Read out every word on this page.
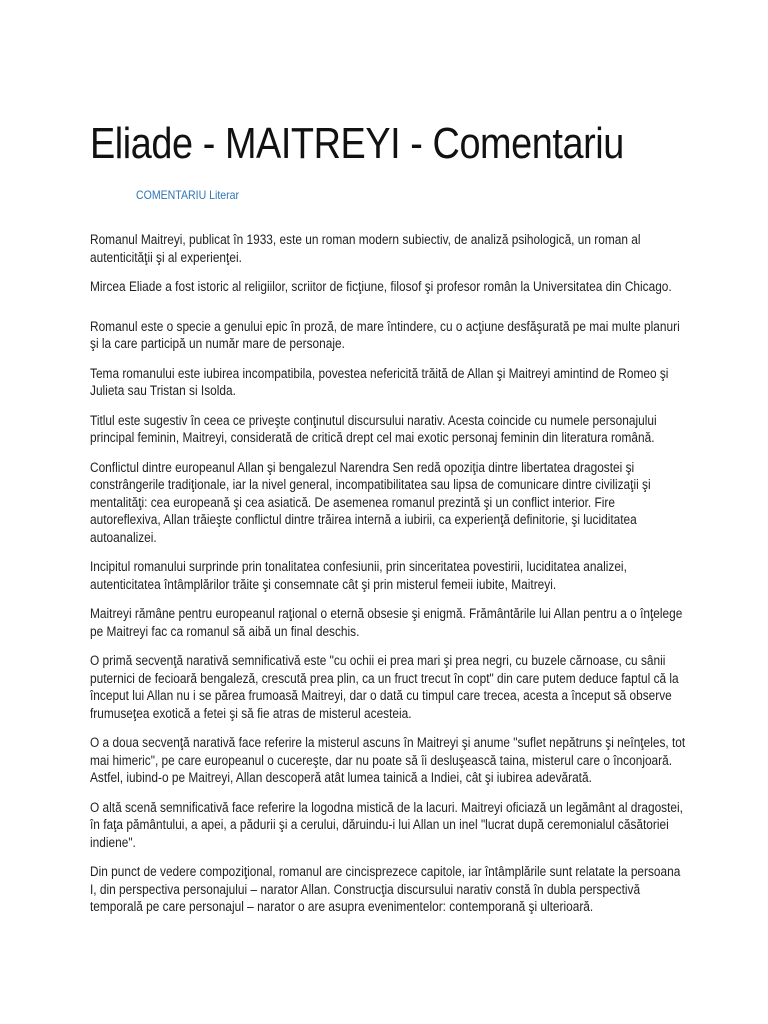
Eliade - MAITREYI - Comentariu
COMENTARIU Literar

Romanul Maitreyi, publicat în 1933, este un roman modern subiectiv, de analiză psihologică, un roman al autenticităţii şi al experienţei.

Mircea Eliade a fost istoric al religiilor, scriitor de ficţiune, filosof şi profesor român la Universitatea din Chicago.

Romanul este o specie a genului epic în proză, de mare întindere, cu o acţiune desfăşurată pe mai multe planuri şi la care participă un număr mare de personaje.

Tema romanului este iubirea incompatibila, povestea nefericită trăită de Allan şi Maitreyi amintind de Romeo şi Julieta sau Tristan si Isolda.

Titlul este sugestiv în ceea ce priveşte conţinutul discursului narativ. Acesta coincide cu numele personajului principal feminin, Maitreyi, considerată de critică drept cel mai exotic personaj feminin din literatura română.

Conflictul dintre europeanul Allan şi bengalezul Narendra Sen redă opoziţia dintre libertatea dragostei şi constrângerile tradiţionale, iar la nivel general, incompatibilitatea sau lipsa de comunicare dintre civilizaţii şi mentalităţi: cea europeană şi cea asiatică. De asemenea romanul prezintă şi un conflict interior. Fire autoreflexiva, Allan trăieşte conflictul dintre trăirea internă a iubirii, ca experienţă definitorie, şi luciditatea autoanalizei.

Incipitul romanului surprinde prin tonalitatea confesiunii, prin sinceritatea povestirii, luciditatea analizei, autenticitatea întâmplărilor trăite şi consemnate cât şi prin misterul femeii iubite, Maitreyi.

Maitreyi rămâne pentru europeanul raţional o eternă obsesie şi enigmă. Frământările lui Allan pentru a o înţelege pe Maitreyi fac ca romanul să aibă un final deschis.

O primă secvenţă narativă semnificativă este "cu ochii ei prea mari şi prea negri, cu buzele cărnoase, cu sânii puternici de fecioară bengaleză, crescută prea plin, ca un fruct trecut în copt" din care putem deduce faptul că la început lui Allan nu i se părea frumoasă Maitreyi, dar o dată cu timpul care trecea, acesta a început să observe frumuseţea exotică a fetei şi să fie atras de misterul acesteia.

O a doua secvenţă narativă face referire la misterul ascuns în Maitreyi şi anume "suflet nepătruns şi neînţeles, tot mai himeric", pe care europeanul o cucereşte, dar nu poate să îi desluşească taina, misterul care o înconjoară. Astfel, iubind-o pe Maitreyi, Allan descoperă atât lumea tainică a Indiei, cât şi iubirea adevărată.

O altă scenă semnificativă face referire la logodna mistică de la lacuri. Maitreyi oficiază un legământ al dragostei, în faţa pământului, a apei, a pădurii şi a cerului, dăruindu-i lui Allan un inel "lucrat după ceremonialul căsătoriei indiene".

Din punct de vedere compoziţional, romanul are cincisprezece capitole, iar întâmplările sunt relatate la persoana I, din perspectiva personajului – narator Allan. Construcţia discursului narativ constă în dubla perspectivă temporală pe care personajul – narator o are asupra evenimentelor: contemporană şi ulterioară.
